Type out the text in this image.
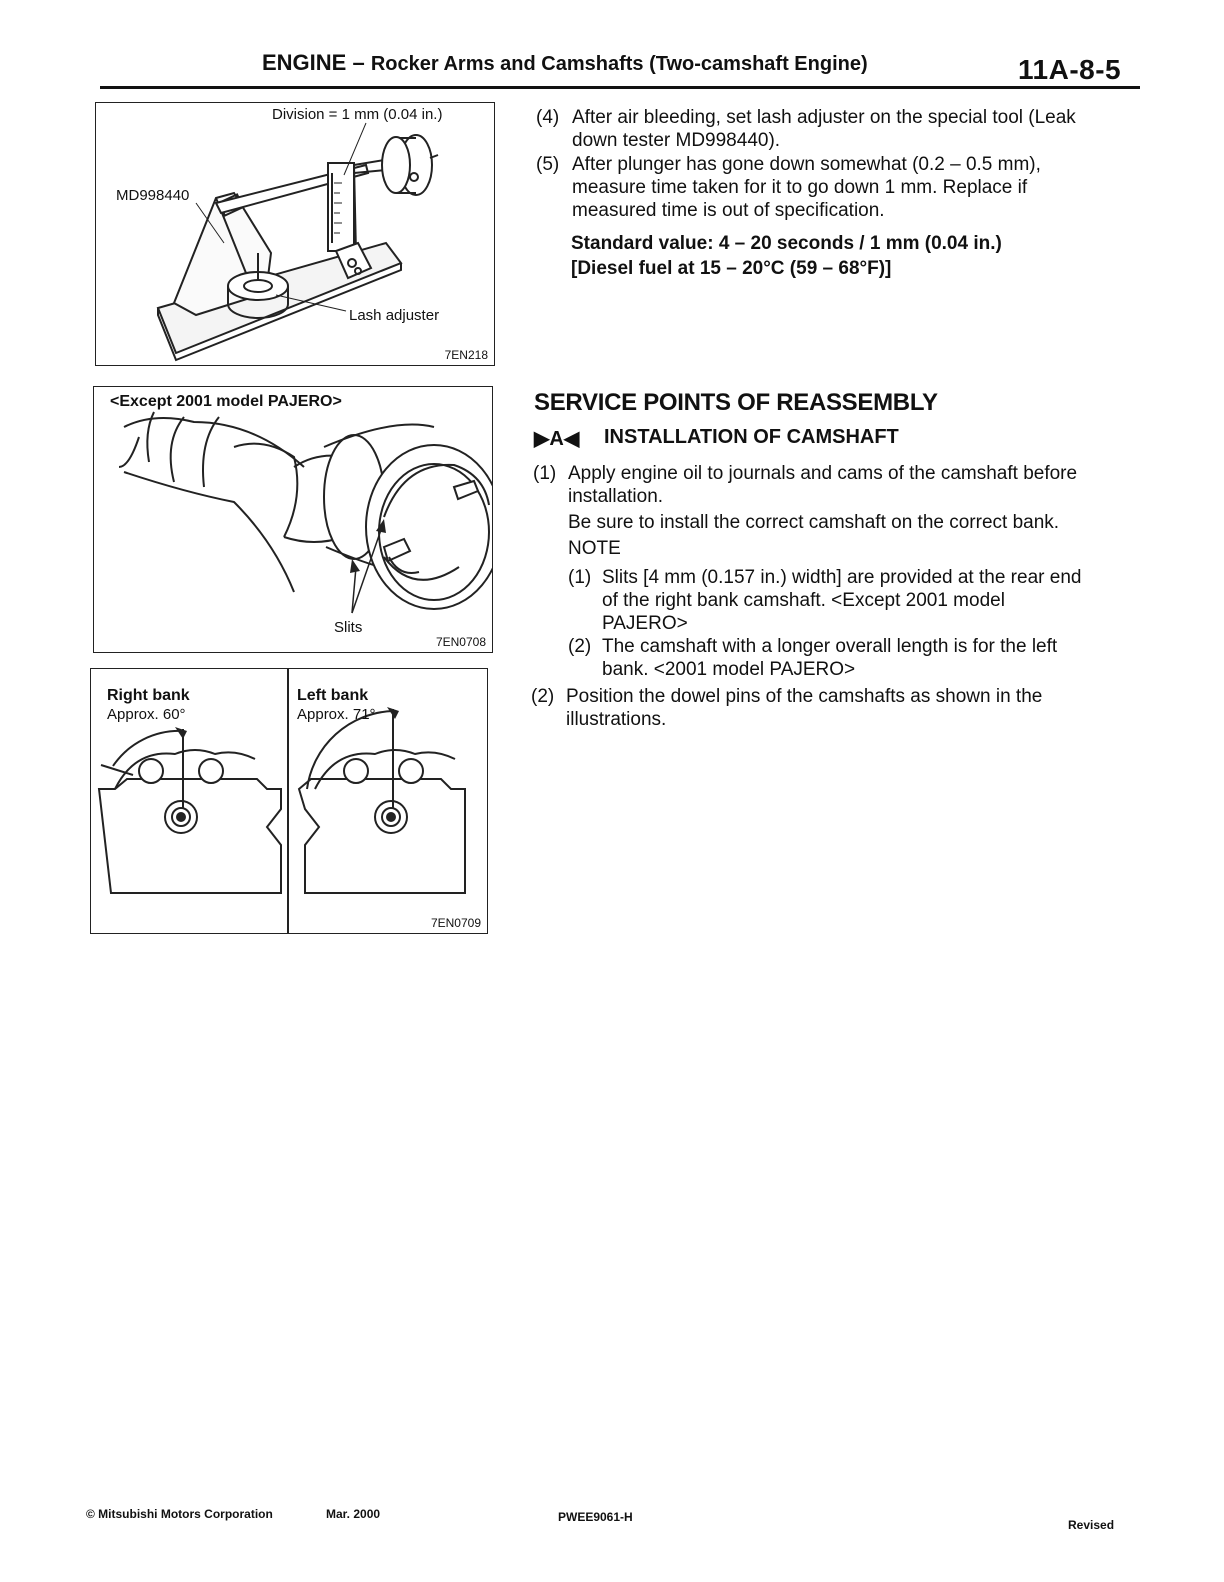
ENGINE – Rocker Arms and Camshafts (Two-camshaft Engine)	11A-8-5
Division = 1 mm (0.04 in.)
MD998440
Lash adjuster
7EN218
<Except 2001 model PAJERO>
Slits
7EN0708
Right bank
Approx. 60°
Left bank
Approx. 71°
7EN0709
(4) After air bleeding, set lash adjuster on the special tool (Leak
down tester MD998440).
(5) After plunger has gone down somewhat (0.2 – 0.5 mm),
measure time taken for it to go down 1 mm. Replace if
measured time is out of specification.
Standard value: 4 – 20 seconds / 1 mm (0.04 in.)
[Diesel fuel at 15 – 20°C (59 – 68°F)]
SERVICE POINTS OF REASSEMBLY
▶A◀ INSTALLATION OF CAMSHAFT
(1) Apply engine oil to journals and cams of the camshaft before
installation.
Be sure to install the correct camshaft on the correct bank.
NOTE
(1) Slits [4 mm (0.157 in.) width] are provided at the rear end
of the right bank camshaft. <Except 2001 model
PAJERO>
(2) The camshaft with a longer overall length is for the left
bank. <2001 model PAJERO>
(2) Position the dowel pins of the camshafts as shown in the
illustrations.
© Mitsubishi Motors Corporation	Mar. 2000	PWEE9061-H
Revised
